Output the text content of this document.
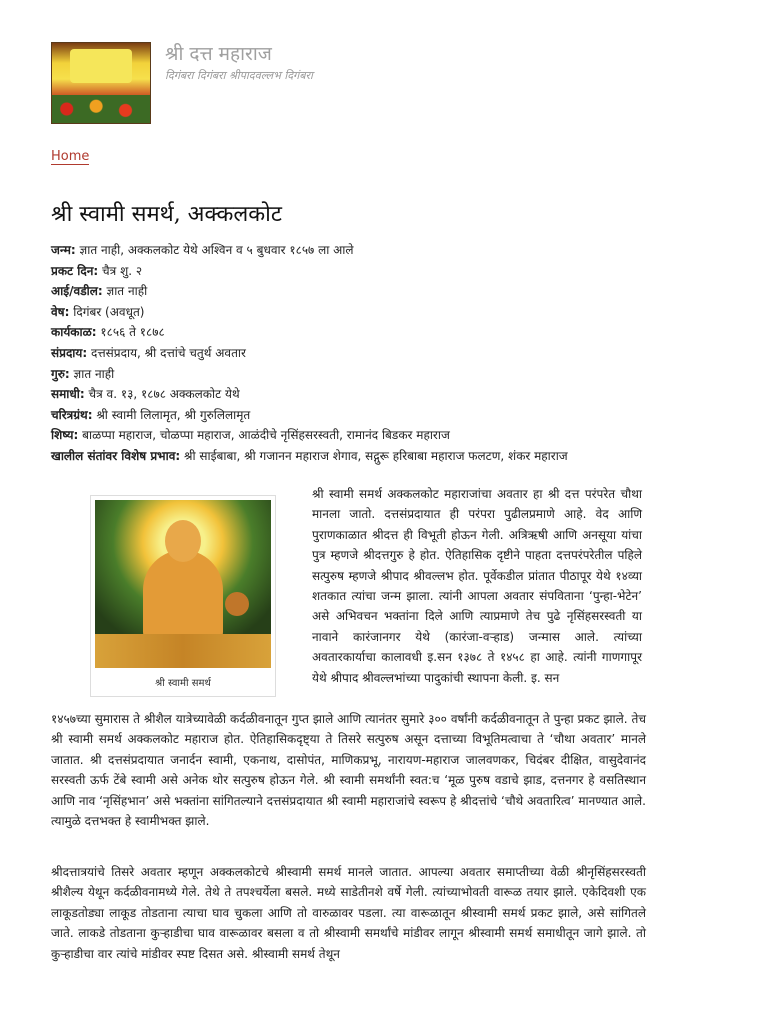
श्री दत्त महाराज
दिगंबरा दिगंबरा श्रीपादवल्लभ दिगंबरा
Home
श्री स्वामी समर्थ, अक्कलकोट
जन्म: ज्ञात नाही, अक्कलकोट येथे अश्विन व ५ बुधवार १८५७ ला आले
प्रकट दिन: चैत्र शु. २
आई/वडील: ज्ञात नाही
वेष: दिगंबर (अवधूत)
कार्यकाळ: १८५६ ते १८७८
संप्रदाय: दत्तसंप्रदाय, श्री दत्तांचे चतुर्थ अवतार
गुरु: ज्ञात नाही
समाधी: चैत्र व. १३, १८७८ अक्कलकोट येथे
चरित्रग्रंथ: श्री स्वामी लिलामृत, श्री गुरुलिलामृत
शिष्य: बाळप्पा महाराज, चोळप्पा महाराज, आळंदीचे नृसिंहसरस्वती, रामानंद बिडकर महाराज
खालील संतांवर विशेष प्रभाव: श्री साईबाबा, श्री गजानन महाराज शेगाव, सद्गुरू हरिबाबा महाराज फलटण, शंकर महाराज
श्री स्वामी समर्थ

श्री स्वामी समर्थ अक्कलकोट महाराजांचा अवतार हा श्री दत्त परंपरेत चौथा मानला जातो. दत्तसंप्रदायात ही परंपरा पुढीलप्रमाणे आहे. वेद आणि पुराणकाळात श्रीदत्त ही विभूती होऊन गेली. अत्रिऋषी आणि अनसूया यांचा पुत्र म्हणजे श्रीदत्तगुरु हे होत. ऐतिहासिक दृष्टीने पाहता दत्तपरंपरेतील पहिले सत्पुरुष म्हणजे श्रीपाद श्रीवल्लभ होत. पूर्वेकडील प्रांतात पीठापूर येथे १४व्या शतकात त्यांचा जन्म झाला. त्यांनी आपला अवतार संपविताना ‘पुन्हा-भेटेन’ असे अभिवचन भक्तांना दिले आणि त्याप्रमाणे तेच पुढे नृसिंहसरस्वती या नावाने कारंजानगर येथे (कारंजा-वऱ्हाड) जन्मास आले. त्यांच्या अवतारकार्याचा कालावधी इ.सन १३७८ ते १४५८ हा आहे. त्यांनी गाणगापूर येथे श्रीपाद श्रीवल्लभांच्या पादुकांची स्थापना केली. इ. सन

१४५७च्या सुमारास ते श्रीशैल यात्रेच्यावेळी कर्दळीवनातून गुप्त झाले आणि त्यानंतर सुमारे ३०० वर्षांनी कर्दळीवनातून ते पुन्हा प्रकट झाले. तेच श्री स्वामी समर्थ अक्कलकोट महाराज होत. ऐतिहासिकदृष्ट्या ते तिसरे सत्पुरुष असून दत्ताच्या विभूतिमत्वाचा ते ‘चौथा अवतार’ मानले जातात. श्री दत्तसंप्रदायात जनार्दन स्वामी, एकनाथ, दासोपंत, माणिकप्रभू, नारायण-महाराज जालवणकर, चिदंबर दीक्षित, वासुदेवानंद सरस्वती ऊर्फ टेंबे स्वामी असे अनेक थोर सत्पुरुष होऊन गेले. श्री स्वामी समर्थांनी स्वत:च ‘मूळ पुरुष वडाचे झाड, दत्तनगर हे वसतिस्थान आणि नाव ‘नृसिंहभान’ असे भक्तांना सांगितल्याने दत्तसंप्रदायात श्री स्वामी महाराजांचे स्वरूप हे श्रीदत्तांचे ‘चौथे अवतारित्व’ मानण्यात आले. त्यामुळे दत्तभक्त हे स्वामीभक्त झाले.

श्रीदत्तात्रयांचे तिसरे अवतार म्हणून अक्कलकोटचे श्रीस्वामी समर्थ मानले जातात. आपल्या अवतार समाप्तीच्या वेळी श्रीनृसिंहसरस्वती श्रीशैल्य येथून कर्दळीवनामध्ये गेले. तेथे ते तपश्चर्येला बसले. मध्ये साडेतीनशे वर्षे गेली. त्यांच्याभोवती वारूळ तयार झाले. एकेदिवशी एक लाकूडतोड्या लाकूड तोडताना त्याचा घाव चुकला आणि तो वारुळावर पडला. त्या वारूळातून श्रीस्वामी समर्थ प्रकट झाले, असे सांगितले जाते. लाकडे तोडताना कुऱ्हाडीचा घाव वारूळावर बसला व तो श्रीस्वामी समर्थांचे मांडीवर लागून श्रीस्वामी समर्थ समाधीतून जागे झाले. तो कुऱ्हाडीचा वार त्यांचे मांडीवर स्पष्ट दिसत असे. श्रीस्वामी समर्थ तेथून
